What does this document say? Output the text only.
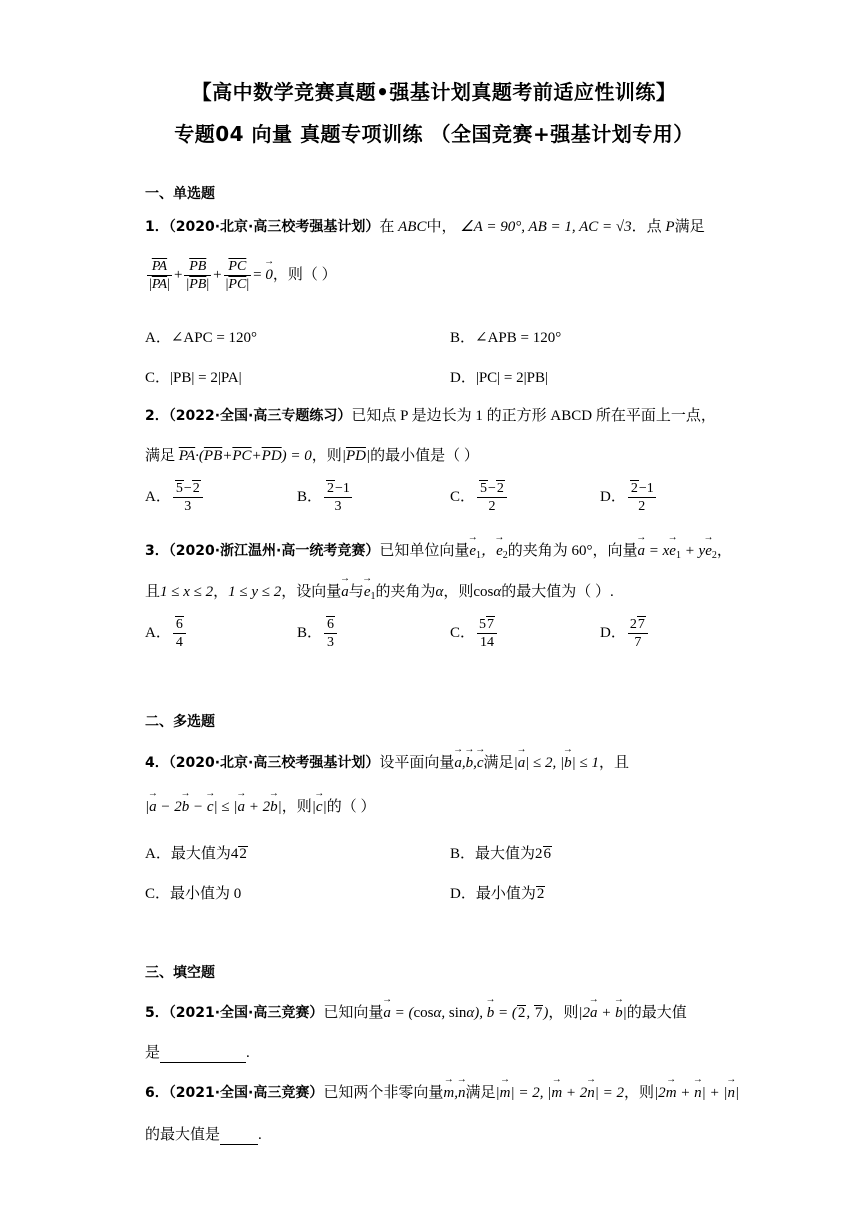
【高中数学竞赛真题•强基计划真题考前适应性训练】
专题04 向量 真题专项训练 （全国竞赛+强基计划专用）
一、单选题
1．（2020·北京·高三校考强基计划）在 ABC中， ∠A = 90°, AB = 1, AC = √3．点 P满足
$\frac{\overline{PA}}{|\overline{PA}|} + \frac{\overline{PB}}{|\overline{PB}|} + \frac{\overline{PC}}{|\overline{PC}|}$ = → 0，则（ ）
A．∠APC = 120°	B．∠APB = 120°
C．|PB| = 2|PA|	D．|PC| = 2|PB|
2．（2022·全国·高三专题练习）已知点 P 是边长为 1 的正方形 ABCD 所在平面上一点，
满足 $\overline{PA}\cdot(\overline{PB}+\overline{PC}+\overline{PD}) = 0$，则$|\overline{PD}|$的最小值是（ ）
A． $\frac{5-2}{3}$	B． $\frac{2-1}{3}$	C． $\frac{5-2}{2}$	D． $\frac{2-1}{2}$
3．（2020·浙江温州·高一统考竞赛）已知单位向量→ $e_1$，→ $e_2$的夹角为 60°，向量→ $a = x\to e_1 + y\to e_2$，
且1 ≤ x ≤ 2，1 ≤ y ≤ 2，设向量→ a与→ $e_1$的夹角为α，则cosα的最大值为（ ）.
A． $\frac{6}{4}$	B． $\frac{6}{3}$	C． $\frac{57}{14}$	D． $\frac{27}{7}$
二、多选题
4．（2020·北京·高三校考强基计划）设平面向量→ a,→ b,→ c满足|→ a| ≤ 2, |→ b| ≤ 1，且
|→ a − 2→ b − → c| ≤ |→ a + 2→ b|，则|→ c|的（ ）
A．最大值为42	B．最大值为26
C．最小值为 0	D．最小值为2
三、填空题
5．（2021·全国·高三竞赛）已知向量→ a = (cosα, sinα), → b = (2, 7)，则|2→ a + → b|的最大值
是	.
6．（2021·全国·高三竞赛）已知两个非零向量→ m,→ n满足|→ m| = 2, |→ m + 2→ n| = 2，则|2→ m + → n| + |→ n|
的最大值是	.
